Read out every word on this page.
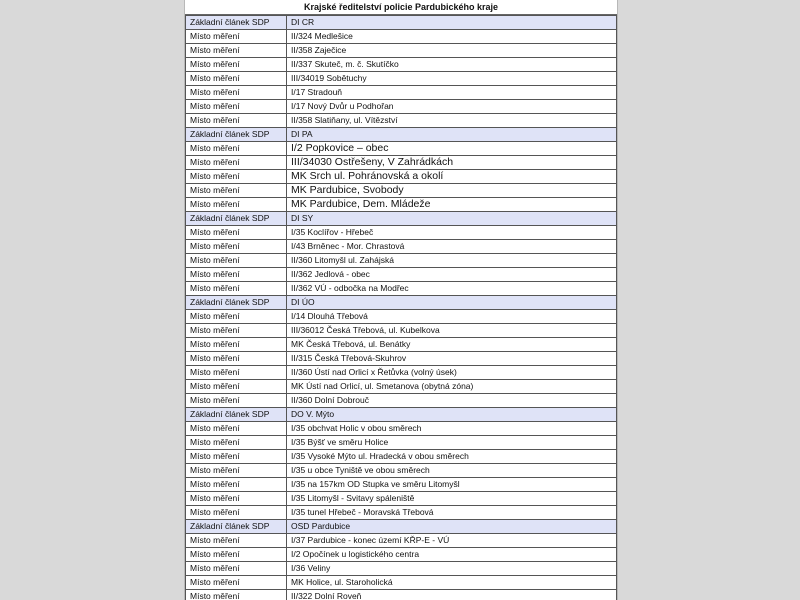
Krajské ředitelství policie Pardubického kraje
Základní článek SDP	DI CR
Místo měření	II/324 Medlešice
Místo měření	II/358 Zaječice
Místo měření	II/337 Skuteč, m. č. Skutíčko
Místo měření	III/34019 Sobětuchy
Místo měření	I/17 Stradouň
Místo měření	I/17 Nový Dvůr u Podhořan
Místo měření	II/358 Slatiňany, ul. Vítězství
Základní článek SDP	DI PA
Místo měření	I/2 Popkovice – obec
Místo měření	III/34030 Ostřešeny, V Zahrádkách
Místo měření	MK Srch ul. Pohránovská a okolí
Místo měření	MK Pardubice, Svobody
Místo měření	MK Pardubice, Dem. Mládeže
Základní článek SDP	DI SY
Místo měření	I/35 Koclířov - Hřebeč
Místo měření	I/43 Brněnec - Mor. Chrastová
Místo měření	II/360 Litomyšl ul. Zahájská
Místo měření	II/362 Jedlová - obec
Místo měření	II/362 VÚ - odbočka na Modřec
Základní článek SDP	DI ÚO
Místo měření	I/14 Dlouhá Třebová
Místo měření	III/36012 Česká Třebová, ul. Kubelkova
Místo měření	MK Česká Třebová, ul. Benátky
Místo měření	II/315 Česká Třebová-Skuhrov
Místo měření	II/360 Ústí nad Orlicí x Řetůvka (volný úsek)
Místo měření	MK Ústí nad Orlicí, ul. Smetanova (obytná zóna)
Místo měření	II/360 Dolní Dobrouč
Základní článek SDP	DO V. Mýto
Místo měření	I/35 obchvat Holic v obou směrech
Místo měření	I/35 Býšť ve směru Holice
Místo měření	I/35 Vysoké Mýto ul. Hradecká v obou směrech
Místo měření	I/35 u obce Tyniště ve obou směrech
Místo měření	I/35 na 157km OD Stupka ve směru Litomyšl
Místo měření	I/35 Litomyšl - Svitavy spáleniště
Místo měření	I/35 tunel Hřebeč - Moravská Třebová
Základní článek SDP	OSD Pardubice
Místo měření	I/37 Pardubice - konec území KŘP-E - VÚ
Místo měření	I/2 Opočínek u logistického centra
Místo měření	I/36 Veliny
Místo měření	MK Holice, ul. Staroholická
Místo měření	II/322 Dolní Roveň
